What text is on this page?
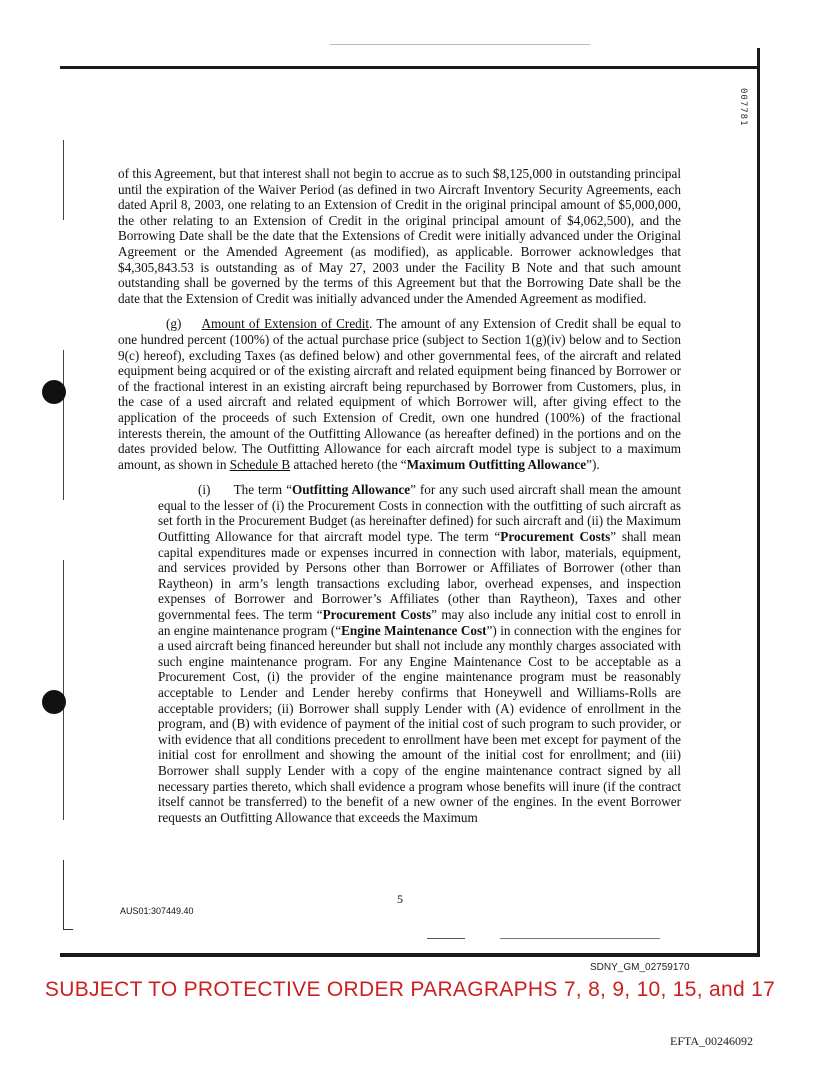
007781

of this Agreement, but that interest shall not begin to accrue as to such $8,125,000 in outstanding principal until the expiration of the Waiver Period (as defined in two Aircraft Inventory Security Agreements, each dated April 8, 2003, one relating to an Extension of Credit in the original principal amount of $5,000,000, the other relating to an Extension of Credit in the original principal amount of $4,062,500), and the Borrowing Date shall be the date that the Extensions of Credit were initially advanced under the Original Agreement or the Amended Agreement (as modified), as applicable. Borrower acknowledges that $4,305,843.53 is outstanding as of May 27, 2003 under the Facility B Note and that such amount outstanding shall be governed by the terms of this Agreement but that the Borrowing Date shall be the date that the Extension of Credit was initially advanced under the Amended Agreement as modified.

(g) Amount of Extension of Credit. The amount of any Extension of Credit shall be equal to one hundred percent (100%) of the actual purchase price (subject to Section 1(g)(iv) below and to Section 9(c) hereof), excluding Taxes (as defined below) and other governmental fees, of the aircraft and related equipment being acquired or of the existing aircraft and related equipment being financed by Borrower or of the fractional interest in an existing aircraft being repurchased by Borrower from Customers, plus, in the case of a used aircraft and related equipment of which Borrower will, after giving effect to the application of the proceeds of such Extension of Credit, own one hundred (100%) of the fractional interests therein, the amount of the Outfitting Allowance (as hereafter defined) in the portions and on the dates provided below. The Outfitting Allowance for each aircraft model type is subject to a maximum amount, as shown in Schedule B attached hereto (the “Maximum Outfitting Allowance”).

(i) The term “Outfitting Allowance” for any such used aircraft shall mean the amount equal to the lesser of (i) the Procurement Costs in connection with the outfitting of such aircraft as set forth in the Procurement Budget (as hereinafter defined) for such aircraft and (ii) the Maximum Outfitting Allowance for that aircraft model type. The term “Procurement Costs” shall mean capital expenditures made or expenses incurred in connection with labor, materials, equipment, and services provided by Persons other than Borrower or Affiliates of Borrower (other than Raytheon) in arm’s length transactions excluding labor, overhead expenses, and inspection expenses of Borrower and Borrower’s Affiliates (other than Raytheon), Taxes and other governmental fees. The term “Procurement Costs” may also include any initial cost to enroll in an engine maintenance program (“Engine Maintenance Cost”) in connection with the engines for a used aircraft being financed hereunder but shall not include any monthly charges associated with such engine maintenance program. For any Engine Maintenance Cost to be acceptable as a Procurement Cost, (i) the provider of the engine maintenance program must be reasonably acceptable to Lender and Lender hereby confirms that Honeywell and Williams-Rolls are acceptable providers; (ii) Borrower shall supply Lender with (A) evidence of enrollment in the program, and (B) with evidence of payment of the initial cost of such program to such provider, or with evidence that all conditions precedent to enrollment have been met except for payment of the initial cost for enrollment and showing the amount of the initial cost for enrollment; and (iii) Borrower shall supply Lender with a copy of the engine maintenance contract signed by all necessary parties thereto, which shall evidence a program whose benefits will inure (if the contract itself cannot be transferred) to the benefit of a new owner of the engines. In the event Borrower requests an Outfitting Allowance that exceeds the Maximum

5
AUS01:307449.40
SDNY_GM_02759170
SUBJECT TO PROTECTIVE ORDER PARAGRAPHS 7, 8, 9, 10, 15, and 17
EFTA_00246092
